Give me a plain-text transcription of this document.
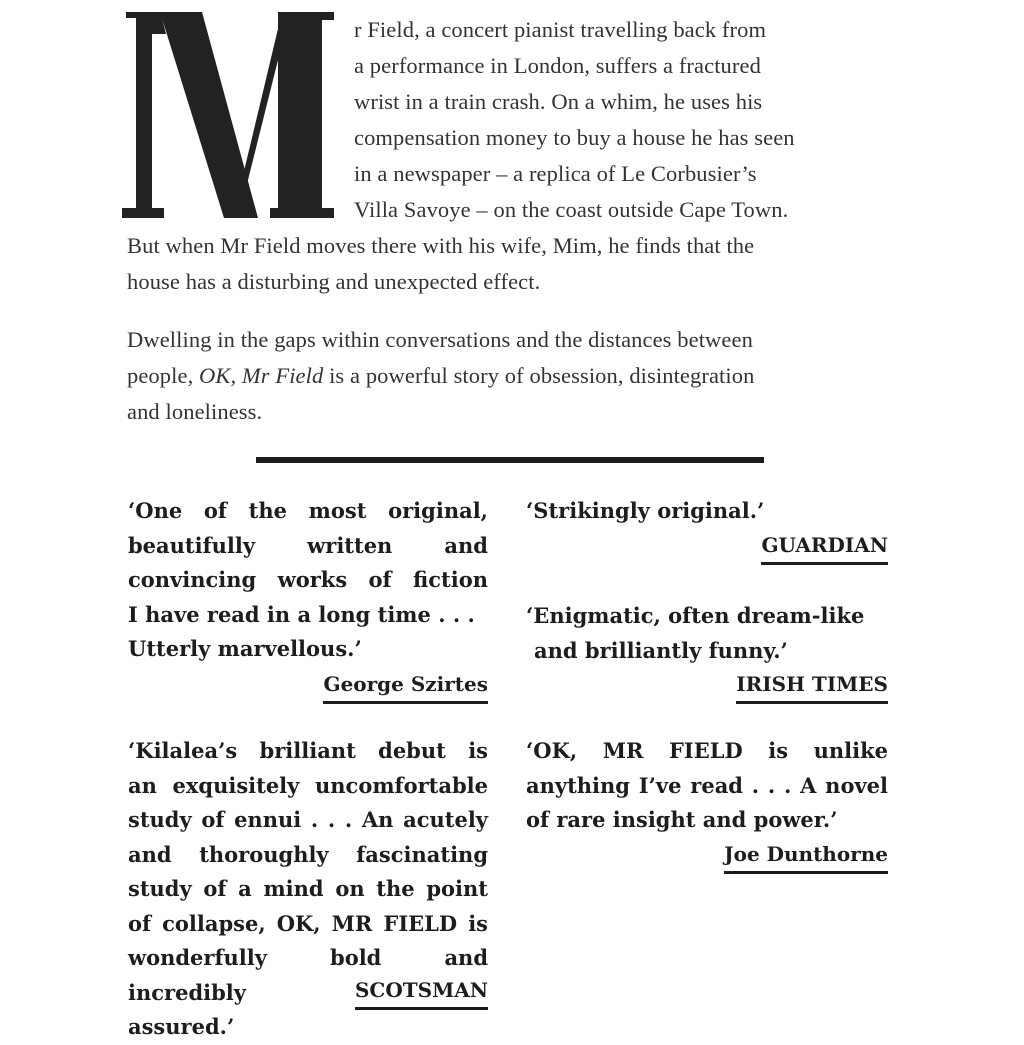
r Field, a concert pianist travelling back from
a performance in London, suffers a fractured
wrist in a train crash. On a whim, he uses his
compensation money to buy a house he has seen
in a newspaper – a replica of Le Corbusier’s
Villa Savoye – on the coast outside Cape Town.
But when Mr Field moves there with his wife, Mim, he finds that the
house has a disturbing and unexpected effect.
Dwelling in the gaps within conversations and the distances between
people, OK, Mr Field is a powerful story of obsession, disintegration
and loneliness.
‘One of the most original,
beautifully written and
convincing works of fiction
I have read in a long time . . .
Utterly marvellous.’
George Szirtes
‘Strikingly original.’
GUARDIAN
‘Enigmatic, often dream-like
and brilliantly funny.’
IRISH TIMES
‘Kilalea’s brilliant debut is
an exquisitely uncomfortable
study of ennui . . . An acutely
and thoroughly fascinating
study of a mind on the point
of collapse, OK, MR FIELD is
wonderfully bold and incredibly
assured.’
SCOTSMAN
‘OK, MR FIELD is unlike
anything I’ve read . . . A novel
of rare insight and power.’
Joe Dunthorne
